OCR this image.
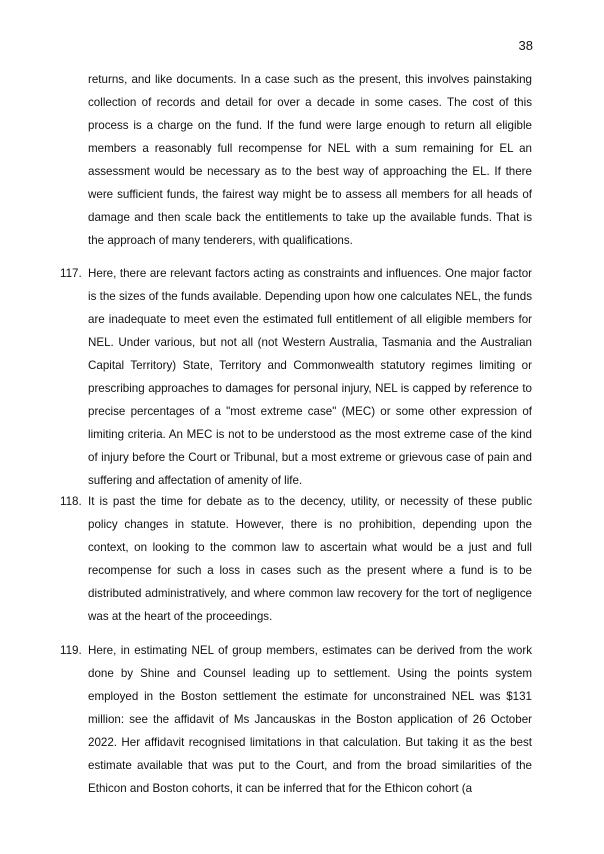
38
returns, and like documents. In a case such as the present, this involves painstaking collection of records and detail for over a decade in some cases. The cost of this process is a charge on the fund. If the fund were large enough to return all eligible members a reasonably full recompense for NEL with a sum remaining for EL an assessment would be necessary as to the best way of approaching the EL. If there were sufficient funds, the fairest way might be to assess all members for all heads of damage and then scale back the entitlements to take up the available funds. That is the approach of many tenderers, with qualifications.
117. Here, there are relevant factors acting as constraints and influences. One major factor is the sizes of the funds available. Depending upon how one calculates NEL, the funds are inadequate to meet even the estimated full entitlement of all eligible members for NEL. Under various, but not all (not Western Australia, Tasmania and the Australian Capital Territory) State, Territory and Commonwealth statutory regimes limiting or prescribing approaches to damages for personal injury, NEL is capped by reference to precise percentages of a "most extreme case" (MEC) or some other expression of limiting criteria. An MEC is not to be understood as the most extreme case of the kind of injury before the Court or Tribunal, but a most extreme or grievous case of pain and suffering and affectation of amenity of life.
118. It is past the time for debate as to the decency, utility, or necessity of these public policy changes in statute. However, there is no prohibition, depending upon the context, on looking to the common law to ascertain what would be a just and full recompense for such a loss in cases such as the present where a fund is to be distributed administratively, and where common law recovery for the tort of negligence was at the heart of the proceedings.
119. Here, in estimating NEL of group members, estimates can be derived from the work done by Shine and Counsel leading up to settlement. Using the points system employed in the Boston settlement the estimate for unconstrained NEL was $131 million: see the affidavit of Ms Jancauskas in the Boston application of 26 October 2022. Her affidavit recognised limitations in that calculation. But taking it as the best estimate available that was put to the Court, and from the broad similarities of the Ethicon and Boston cohorts, it can be inferred that for the Ethicon cohort (a
